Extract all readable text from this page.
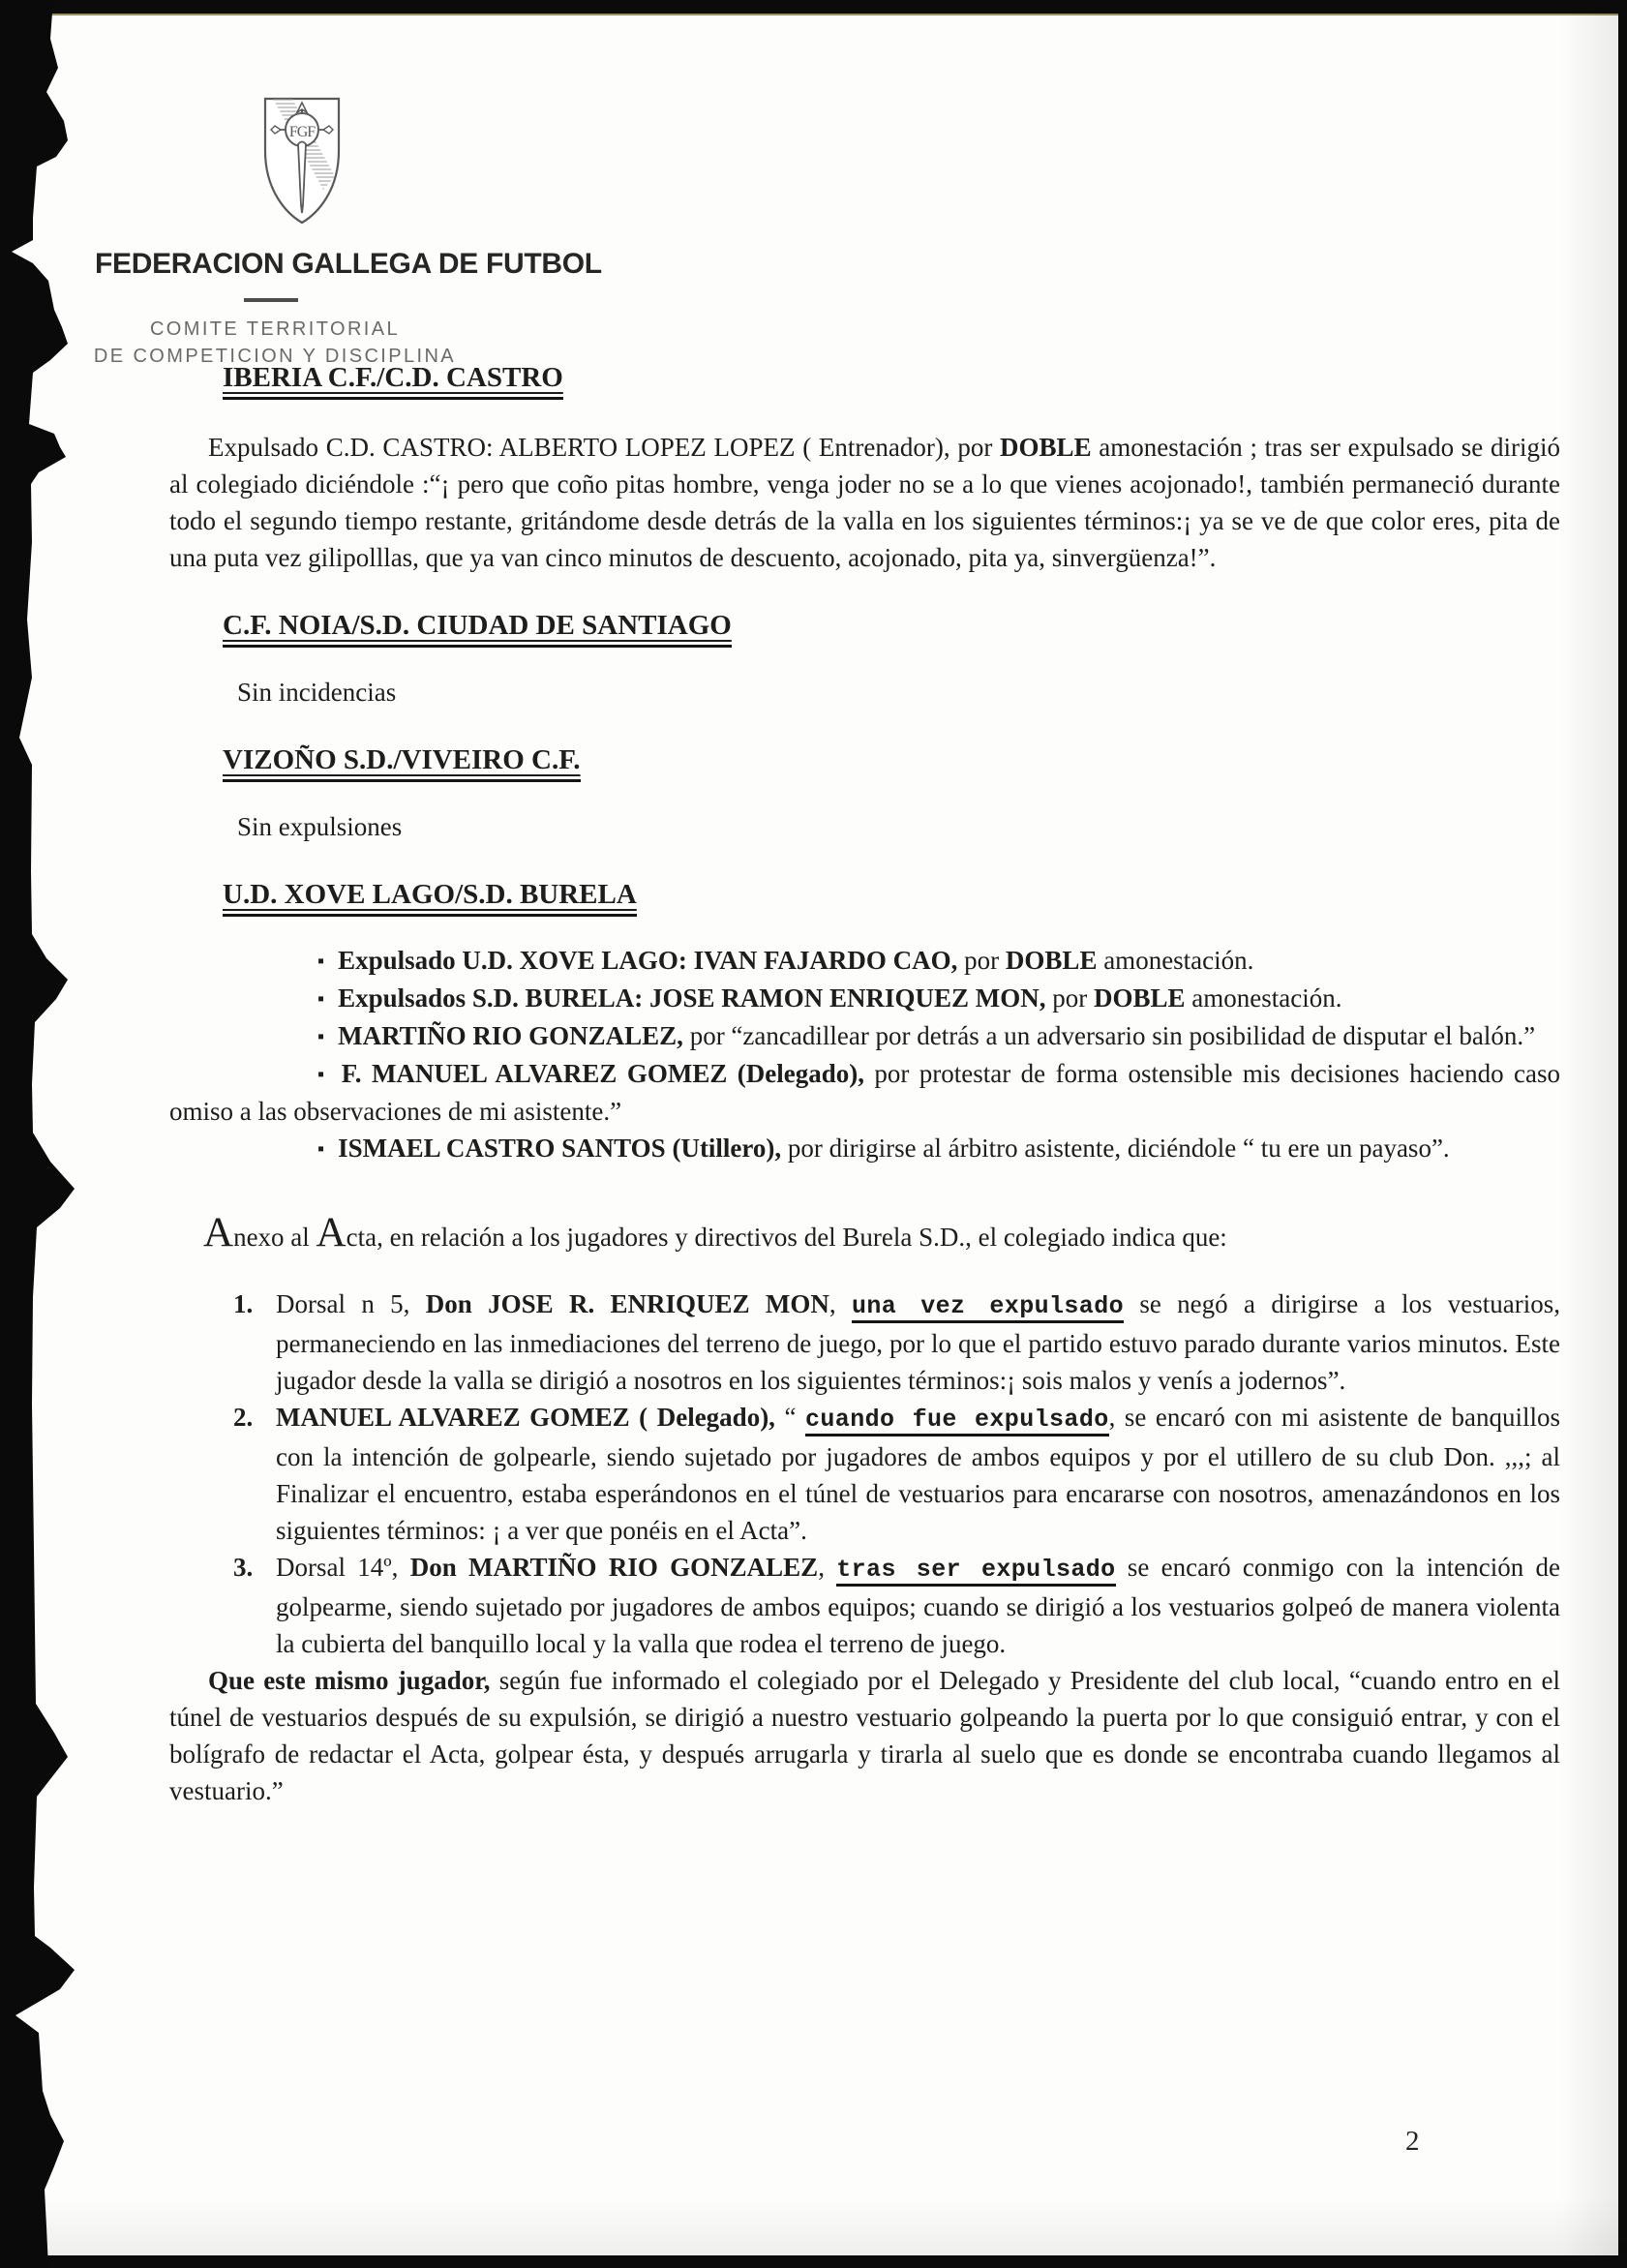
FGF
FEDERACION GALLEGA DE FUTBOL
COMITE TERRITORIAL
DE COMPETICION Y DISCIPLINA
IBERIA C.F./C.D. CASTRO
Expulsado C.D. CASTRO: ALBERTO LOPEZ LOPEZ ( Entrenador), por DOBLE amonestación ; tras ser expulsado se dirigió al colegiado diciéndole :“¡ pero que coño pitas hombre, venga joder no se a lo que vienes acojonado!, también permaneció durante todo el segundo tiempo restante, gritándome desde detrás de la valla en los siguientes términos:¡ ya se ve de que color eres, pita de una puta vez gilipolllas, que ya van cinco minutos de descuento, acojonado, pita ya, sinvergüenza!”.
C.F. NOIA/S.D. CIUDAD DE SANTIAGO
Sin incidencias
VIZOÑO S.D./VIVEIRO C.F.
Sin expulsiones
U.D. XOVE LAGO/S.D. BURELA
▪ Expulsado U.D. XOVE LAGO: IVAN FAJARDO CAO, por DOBLE amonestación.
▪ Expulsados S.D. BURELA: JOSE RAMON ENRIQUEZ MON, por DOBLE amonestación.
▪ MARTIÑO RIO GONZALEZ, por “zancadillear por detrás a un adversario sin posibilidad de disputar el balón.”
▪ F. MANUEL ALVAREZ GOMEZ (Delegado), por protestar de forma ostensible mis decisiones haciendo caso omiso a las observaciones de mi asistente.”
▪ ISMAEL CASTRO SANTOS (Utillero), por dirigirse al árbitro asistente, diciéndole “ tu ere un payaso”.
Anexo al Acta, en relación a los jugadores y directivos del Burela S.D., el colegiado indica que:
1. Dorsal n 5, Don JOSE R. ENRIQUEZ MON, una vez expulsado se negó a dirigirse a los vestuarios, permaneciendo en las inmediaciones del terreno de juego, por lo que el partido estuvo parado durante varios minutos. Este jugador desde la valla se dirigió a nosotros en los siguientes términos:¡ sois malos y venís a jodernos”.
2. MANUEL ALVAREZ GOMEZ ( Delegado), “ cuando fue expulsado, se encaró con mi asistente de banquillos con la intención de golpearle, siendo sujetado por jugadores de ambos equipos y por el utillero de su club Don. ,,,; al Finalizar el encuentro, estaba esperándonos en el túnel de vestuarios para encararse con nosotros, amenazándonos en los siguientes términos: ¡ a ver que ponéis en el Acta”.
3. Dorsal 14º, Don MARTIÑO RIO GONZALEZ, tras ser expulsado se encaró conmigo con la intención de golpearme, siendo sujetado por jugadores de ambos equipos; cuando se dirigió a los vestuarios golpeó de manera violenta la cubierta del banquillo local y la valla que rodea el terreno de juego.
Que este mismo jugador, según fue informado el colegiado por el Delegado y Presidente del club local, “cuando entro en el túnel de vestuarios después de su expulsión, se dirigió a nuestro vestuario golpeando la puerta por lo que consiguió entrar, y con el bolígrafo de redactar el Acta, golpear ésta, y después arrugarla y tirarla al suelo que es donde se encontraba cuando llegamos al vestuario.”
2
